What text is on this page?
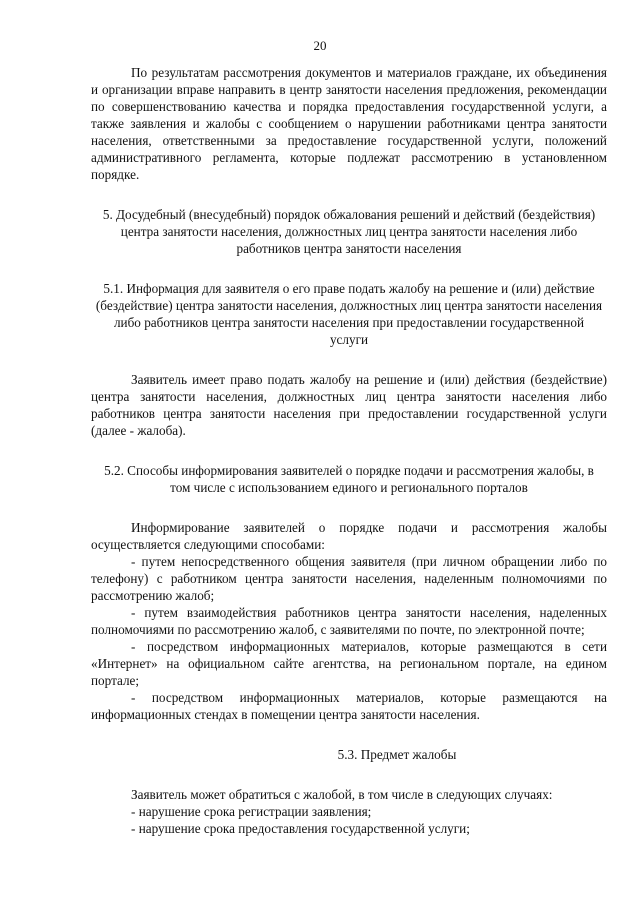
20

По результатам рассмотрения документов и материалов граждане, их объединения и организации вправе направить в центр занятости населения предложения, рекомендации по совершенствованию качества и порядка предоставления государственной услуги, а также заявления и жалобы с сообщением о нарушении работниками центра занятости населения, ответственными за предоставление государственной услуги, положений административного регламента, которые подлежат рассмотрению в установленном порядке.

5. Досудебный (внесудебный) порядок обжалования решений и действий (бездействия) центра занятости населения, должностных лиц центра занятости населения либо работников центра занятости населения

5.1. Информация для заявителя о его праве подать жалобу на решение и (или) действие (бездействие) центра занятости населения, должностных лиц центра занятости населения либо работников центра занятости населения при предоставлении государственной услуги

Заявитель имеет право подать жалобу на решение и (или) действия (бездействие) центра занятости населения, должностных лиц центра занятости населения либо работников центра занятости населения при предоставлении государственной услуги (далее - жалоба).

5.2. Способы информирования заявителей о порядке подачи и рассмотрения жалобы, в том числе с использованием единого и регионального порталов

Информирование заявителей о порядке подачи и рассмотрения жалобы осуществляется следующими способами:

- путем непосредственного общения заявителя (при личном обращении либо по телефону) с работником центра занятости населения, наделенным полномочиями по рассмотрению жалоб;

- путем взаимодействия работников центра занятости населения, наделенных полномочиями по рассмотрению жалоб, с заявителями по почте, по электронной почте;

- посредством информационных материалов, которые размещаются в сети «Интернет» на официальном сайте агентства, на региональном портале, на едином портале;

- посредством информационных материалов, которые размещаются на информационных стендах в помещении центра занятости населения.

5.3. Предмет жалобы

Заявитель может обратиться с жалобой, в том числе в следующих случаях:

- нарушение срока регистрации заявления;

- нарушение срока предоставления государственной услуги;
